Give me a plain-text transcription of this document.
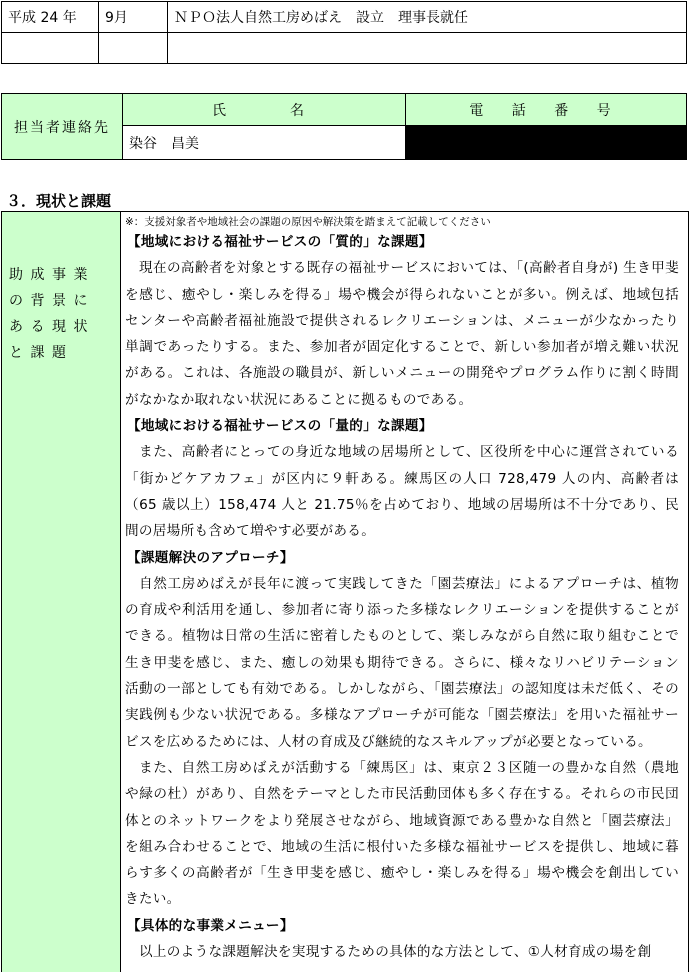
平成 24 年	9月	ＮＰＯ法人自然工房めばえ　設立　理事長就任

担当者連絡先	氏　　名	電 話 番 号
	染谷　昌美	
３．現状と課題
助成事業の背景にある現状と課題
※：支援対象者や地域社会の課題の原因や解決策を踏まえて記載してください
【地域における福祉サービスの「質的」な課題】

現在の高齢者を対象とする既存の福祉サービスにおいては、「(高齢者自身が) 生き甲斐を感じ、癒やし・楽しみを得る」場や機会が得られないことが多い。例えば、地域包括センターや高齢者福祉施設で提供されるレクリエーションは、メニューが少なかったり単調であったりする。また、参加者が固定化することで、新しい参加者が増え難い状況がある。これは、各施設の職員が、新しいメニューの開発やプログラム作りに割く時間がなかなか取れない状況にあることに拠るものである。

【地域における福祉サービスの「量的」な課題】

また、高齢者にとっての身近な地域の居場所として、区役所を中心に運営されている「街かどケアカフェ」が区内に９軒ある。練馬区の人口 728,479 人の内、高齢者は（65 歳以上）158,474 人と 21.75％を占めており、地域の居場所は不十分であり、民間の居場所も含めて増やす必要がある。

【課題解決のアプローチ】

自然工房めばえが長年に渡って実践してきた「園芸療法」によるアプローチは、植物の育成や利活用を通し、参加者に寄り添った多様なレクリエーションを提供することができる。植物は日常の生活に密着したものとして、楽しみながら自然に取り組むことで生き甲斐を感じ、また、癒しの効果も期待できる。さらに、様々なリハビリテーション活動の一部としても有効である。しかしながら、「園芸療法」の認知度は未だ低く、その実践例も少ない状況である。多様なアプローチが可能な「園芸療法」を用いた福祉サービスを広めるためには、人材の育成及び継続的なスキルアップが必要となっている。

また、自然工房めばえが活動する「練馬区」は、東京２３区随一の豊かな自然（農地や緑の杜）があり、自然をテーマとした市民活動団体も多く存在する。それらの市民団体とのネットワークをより発展させながら、地域資源である豊かな自然と「園芸療法」を組み合わせることで、地域の生活に根付いた多様な福祉サービスを提供し、地域に暮らす多くの高齢者が「生き甲斐を感じ、癒やし・楽しみを得る」場や機会を創出していきたい。

【具体的な事業メニュー】

以上のような課題解決を実現するための具体的な方法として、①人材育成の場を創
